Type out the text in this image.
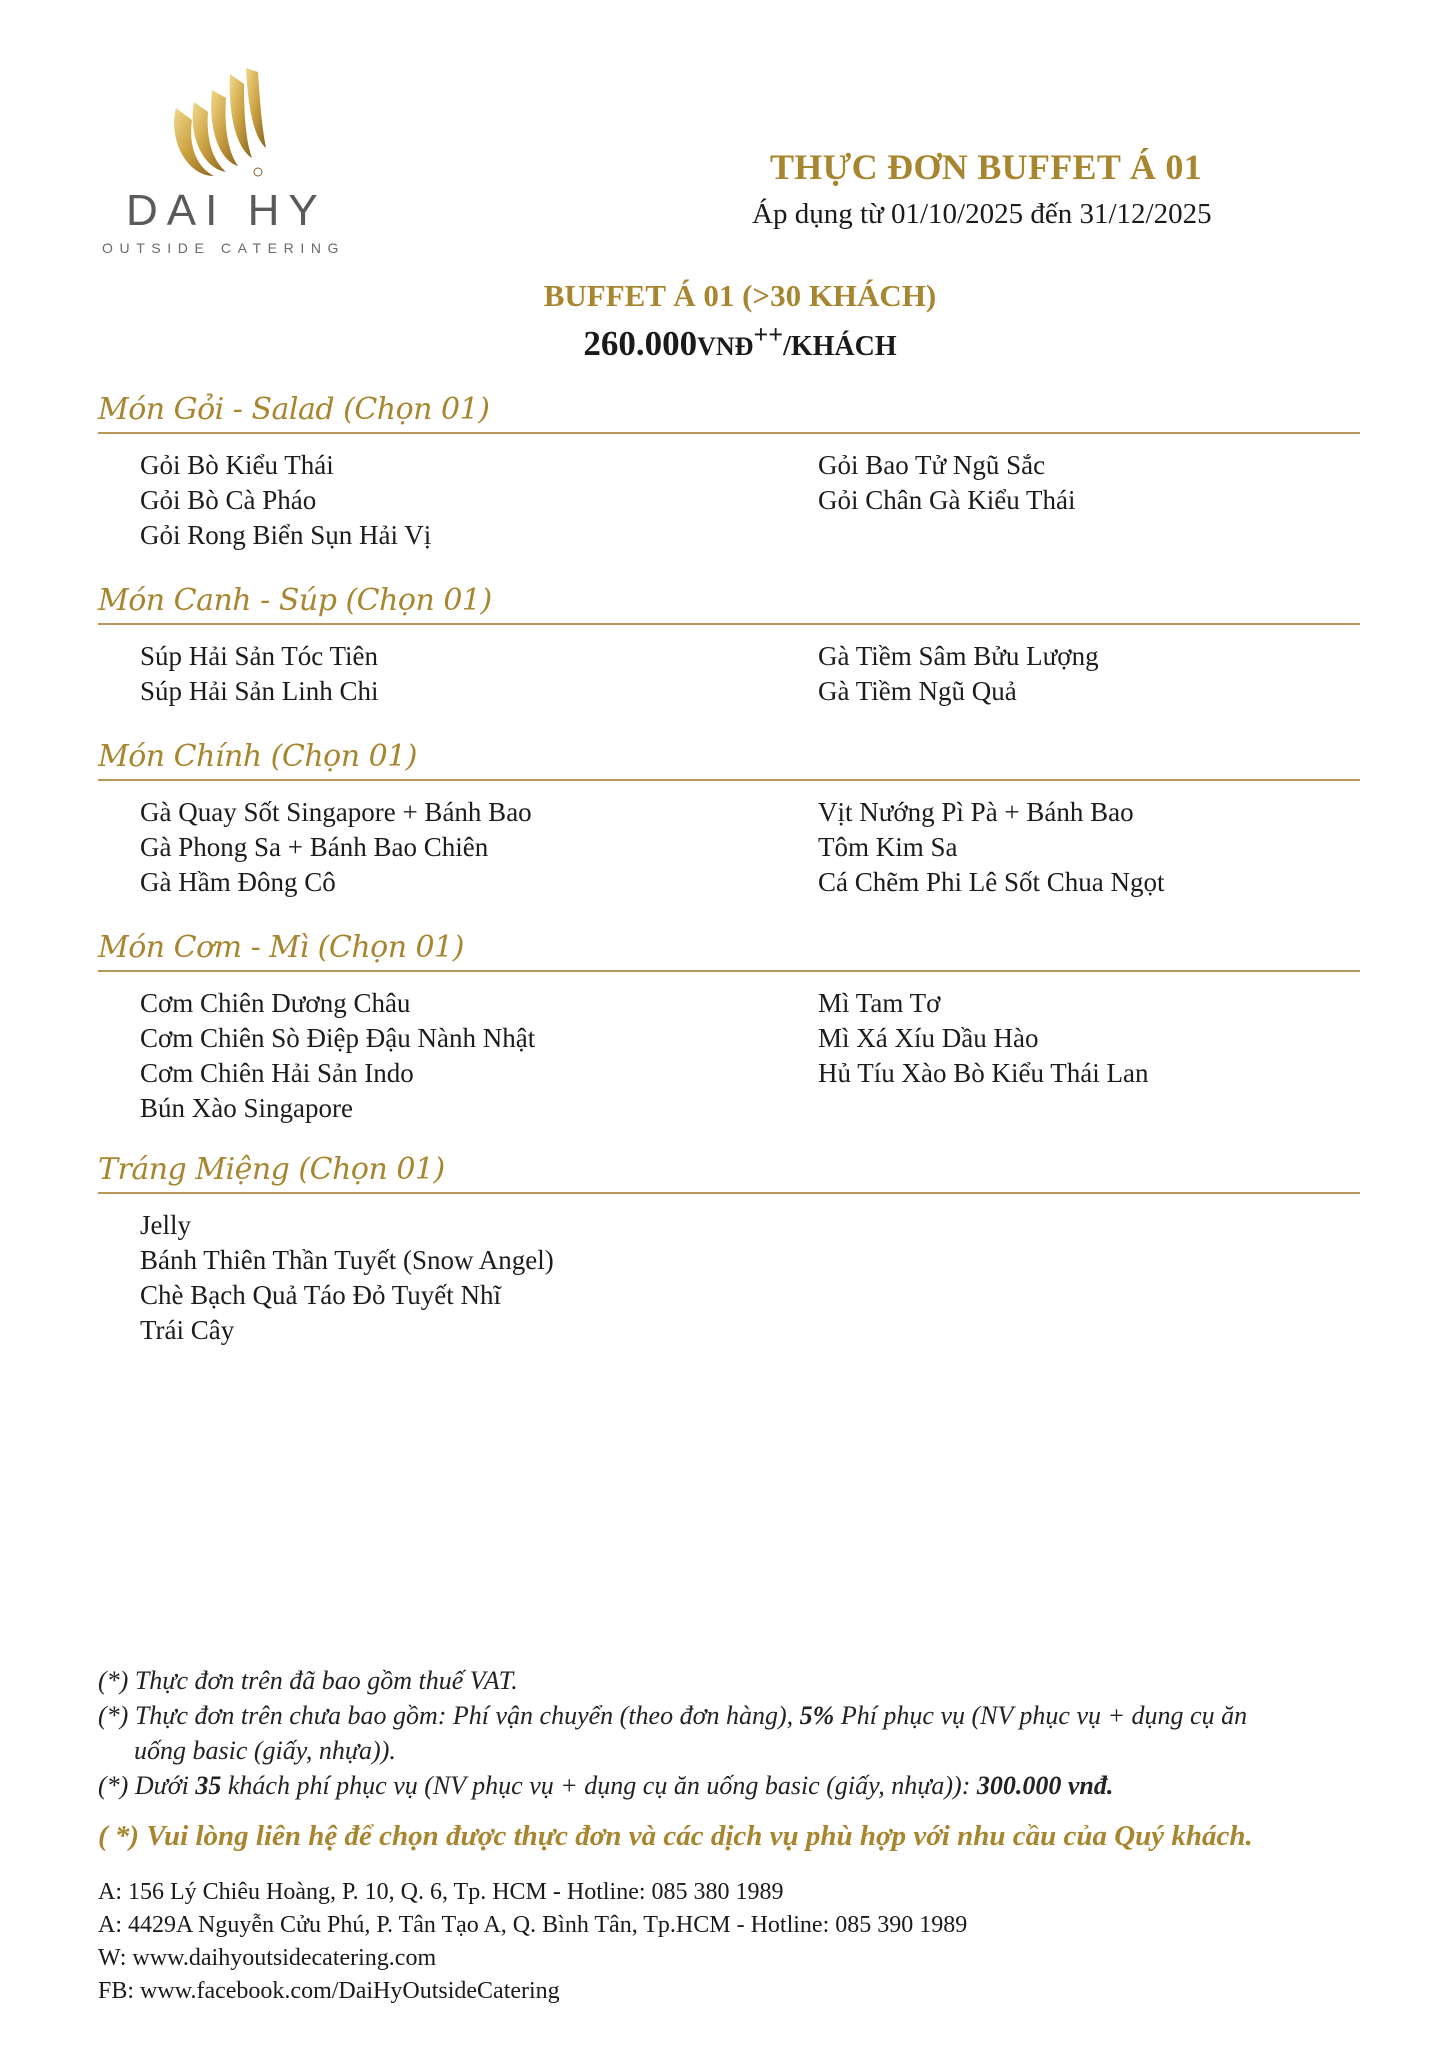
DAI HY
OUTSIDE CATERING
THỰC ĐƠN BUFFET Á 01
Áp dụng từ 01/10/2025 đến 31/12/2025
BUFFET Á 01 (>30 KHÁCH)
260.000VNĐ++/KHÁCH
Món Gỏi - Salad (Chọn 01)
Gỏi Bò Kiểu Thái
Gỏi Bò Cà Pháo
Gỏi Rong Biển Sụn Hải Vị
Gỏi Bao Tử Ngũ Sắc
Gỏi Chân Gà Kiểu Thái
Món Canh - Súp (Chọn 01)
Súp Hải Sản Tóc Tiên
Súp Hải Sản Linh Chi
Gà Tiềm Sâm Bửu Lượng
Gà Tiềm Ngũ Quả
Món Chính (Chọn 01)
Gà Quay Sốt Singapore + Bánh Bao
Gà Phong Sa + Bánh Bao Chiên
Gà Hầm Đông Cô
Vịt Nướng Pì Pà + Bánh Bao
Tôm Kim Sa
Cá Chẽm Phi Lê Sốt Chua Ngọt
Món Cơm - Mì (Chọn 01)
Cơm Chiên Dương Châu
Cơm Chiên Sò Điệp Đậu Nành Nhật
Cơm Chiên Hải Sản Indo
Bún Xào Singapore
Mì Tam Tơ
Mì Xá Xíu Dầu Hào
Hủ Tíu Xào Bò Kiểu Thái Lan
Tráng Miệng (Chọn 01)
Jelly
Bánh Thiên Thần Tuyết (Snow Angel)
Chè Bạch Quả Táo Đỏ Tuyết Nhĩ
Trái Cây
(*) Thực đơn trên đã bao gồm thuế VAT.
(*) Thực đơn trên chưa bao gồm: Phí vận chuyển (theo đơn hàng), 5% Phí phục vụ (NV phục vụ + dụng cụ ăn
uống basic (giấy, nhựa)).
(*) Dưới 35 khách phí phục vụ (NV phục vụ + dụng cụ ăn uống basic (giấy, nhựa)): 300.000 vnđ.
( *) Vui lòng liên hệ để chọn được thực đơn và các dịch vụ phù hợp với nhu cầu của Quý khách.
A: 156 Lý Chiêu Hoàng, P. 10, Q. 6, Tp. HCM - Hotline: 085 380 1989
A: 4429A Nguyễn Cửu Phú, P. Tân Tạo A, Q. Bình Tân, Tp.HCM - Hotline: 085 390 1989
W: www.daihyoutsidecatering.com
FB: www.facebook.com/DaiHyOutsideCatering
